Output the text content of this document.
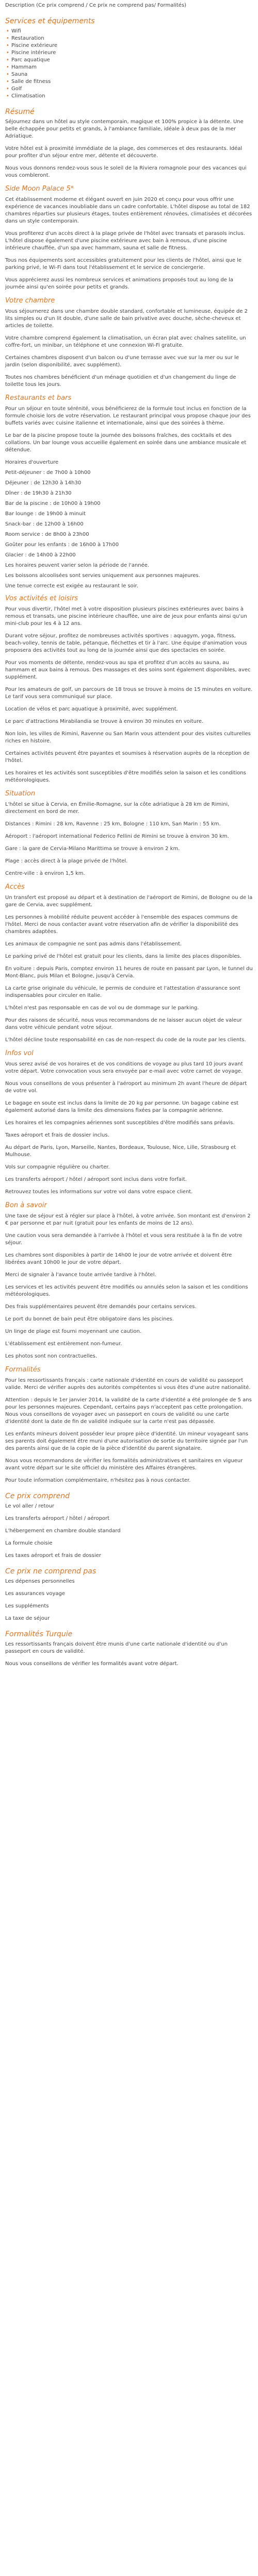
Description (Ce prix comprend / Ce prix ne comprend pas/ Formalités)

Services et équipements
• Wifi
• Restauration
• Piscine extérieure
• Piscine intérieure
• Parc aquatique
• Hammam
• Sauna
• Salle de fitness
• Golf
• Climatisation
Résumé

Séjournez dans un hôtel au style contemporain, magique et 100% propice à la détente. Une belle échappée pour petits et grands, à l'ambiance familiale, idéale à deux pas de la mer Adriatique.

Votre hôtel est à proximité immédiate de la plage, des commerces et des restaurants. Idéal pour profiter d'un séjour entre mer, détente et découverte.

Nous vous donnons rendez-vous sous le soleil de la Riviera romagnole pour des vacances qui vous combleront.

Side Moon Palace 5*

Cet établissement moderne et élégant ouvert en juin 2020 et conçu pour vous offrir une expérience de vacances inoubliable dans un cadre confortable. L'hôtel dispose au total de 182 chambres réparties sur plusieurs étages, toutes entièrement rénovées, climatisées et décorées dans un style contemporain.

Vous profiterez d'un accès direct à la plage privée de l'hôtel avec transats et parasols inclus. L'hôtel dispose également d'une piscine extérieure avec bain à remous, d'une piscine intérieure chauffée, d'un spa avec hammam, sauna et salle de fitness.

Tous nos équipements sont accessibles gratuitement pour les clients de l'hôtel, ainsi que le parking privé, le Wi-Fi dans tout l'établissement et le service de conciergerie.

Vous apprécierez aussi les nombreux services et animations proposés tout au long de la journée ainsi qu'en soirée pour petits et grands.

Votre chambre

Vous séjournerez dans une chambre double standard, confortable et lumineuse, équipée de 2 lits simples ou d'un lit double, d'une salle de bain privative avec douche, sèche-cheveux et articles de toilette.

Votre chambre comprend également la climatisation, un écran plat avec chaînes satellite, un coffre-fort, un minibar, un téléphone et une connexion Wi-Fi gratuite.

Certaines chambres disposent d'un balcon ou d'une terrasse avec vue sur la mer ou sur le jardin (selon disponibilité, avec supplément).

Toutes nos chambres bénéficient d'un ménage quotidien et d'un changement du linge de toilette tous les jours.

Restaurants et bars

Pour un séjour en toute sérénité, vous bénéficierez de la formule tout inclus en fonction de la formule choisie lors de votre réservation. Le restaurant principal vous propose chaque jour des buffets variés avec cuisine italienne et internationale, ainsi que des soirées à thème.

Le bar de la piscine propose toute la journée des boissons fraîches, des cocktails et des collations. Un bar lounge vous accueille également en soirée dans une ambiance musicale et détendue.

Horaires d'ouverture

Petit-déjeuner : de 7h00 à 10h00

Déjeuner : de 12h30 à 14h30

Dîner : de 19h30 à 21h30

Bar de la piscine : de 10h00 à 19h00

Bar lounge : de 19h00 à minuit

Snack-bar : de 12h00 à 16h00

Room service : de 8h00 à 23h00

Goûter pour les enfants : de 16h00 à 17h00

Glacier : de 14h00 à 22h00

Les horaires peuvent varier selon la période de l'année.

Les boissons alcoolisées sont servies uniquement aux personnes majeures.

Une tenue correcte est exigée au restaurant le soir.

Vos activités et loisirs

Pour vous divertir, l'hôtel met à votre disposition plusieurs piscines extérieures avec bains à remous et transats, une piscine intérieure chauffée, une aire de jeux pour enfants ainsi qu'un mini-club pour les 4 à 12 ans.

Durant votre séjour, profitez de nombreuses activités sportives : aquagym, yoga, fitness, beach-volley, tennis de table, pétanque, fléchettes et tir à l'arc. Une équipe d'animation vous proposera des activités tout au long de la journée ainsi que des spectacles en soirée.

Pour vos moments de détente, rendez-vous au spa et profitez d'un accès au sauna, au hammam et aux bains à remous. Des massages et des soins sont également disponibles, avec supplément.

Pour les amateurs de golf, un parcours de 18 trous se trouve à moins de 15 minutes en voiture. Le tarif vous sera communiqué sur place.

Location de vélos et parc aquatique à proximité, avec supplément.

Le parc d'attractions Mirabilandia se trouve à environ 30 minutes en voiture.

Non loin, les villes de Rimini, Ravenne ou San Marin vous attendent pour des visites culturelles riches en histoire.

Certaines activités peuvent être payantes et soumises à réservation auprès de la réception de l'hôtel.

Les horaires et les activités sont susceptibles d'être modifiés selon la saison et les conditions météorologiques.

Situation

L'hôtel se situe à Cervia, en Émilie-Romagne, sur la côte adriatique à 28 km de Rimini, directement en bord de mer.

Distances : Rimini : 28 km, Ravenne : 25 km, Bologne : 110 km, San Marin : 55 km.

Aéroport : l'aéroport international Federico Fellini de Rimini se trouve à environ 30 km.

Gare : la gare de Cervia-Milano Marittima se trouve à environ 2 km.

Plage : accès direct à la plage privée de l'hôtel.

Centre-ville : à environ 1,5 km.

Accès

Un transfert est proposé au départ et à destination de l'aéroport de Rimini, de Bologne ou de la gare de Cervia, avec supplément.

Les personnes à mobilité réduite peuvent accéder à l'ensemble des espaces communs de l'hôtel. Merci de nous contacter avant votre réservation afin de vérifier la disponibilité des chambres adaptées.

Les animaux de compagnie ne sont pas admis dans l'établissement.

Le parking privé de l'hôtel est gratuit pour les clients, dans la limite des places disponibles.

En voiture : depuis Paris, comptez environ 11 heures de route en passant par Lyon, le tunnel du Mont-Blanc, puis Milan et Bologne, jusqu'à Cervia.

La carte grise originale du véhicule, le permis de conduire et l'attestation d'assurance sont indispensables pour circuler en Italie.

L'hôtel n'est pas responsable en cas de vol ou de dommage sur le parking.

Pour des raisons de sécurité, nous vous recommandons de ne laisser aucun objet de valeur dans votre véhicule pendant votre séjour.

L'hôtel décline toute responsabilité en cas de non-respect du code de la route par les clients.

Infos vol

Vous serez avisé de vos horaires et de vos conditions de voyage au plus tard 10 jours avant votre départ. Votre convocation vous sera envoyée par e-mail avec votre carnet de voyage.

Nous vous conseillons de vous présenter à l'aéroport au minimum 2h avant l'heure de départ de votre vol.

Le bagage en soute est inclus dans la limite de 20 kg par personne. Un bagage cabine est également autorisé dans la limite des dimensions fixées par la compagnie aérienne.

Les horaires et les compagnies aériennes sont susceptibles d'être modifiés sans préavis.

Taxes aéroport et frais de dossier inclus.

Au départ de Paris, Lyon, Marseille, Nantes, Bordeaux, Toulouse, Nice, Lille, Strasbourg et Mulhouse.

Vols sur compagnie régulière ou charter.

Les transferts aéroport / hôtel / aéroport sont inclus dans votre forfait.

Retrouvez toutes les informations sur votre vol dans votre espace client.

Bon à savoir

Une taxe de séjour est à régler sur place à l'hôtel, à votre arrivée. Son montant est d'environ 2 € par personne et par nuit (gratuit pour les enfants de moins de 12 ans).

Une caution vous sera demandée à l'arrivée à l'hôtel et vous sera restituée à la fin de votre séjour.

Les chambres sont disponibles à partir de 14h00 le jour de votre arrivée et doivent être libérées avant 10h00 le jour de votre départ.

Merci de signaler à l'avance toute arrivée tardive à l'hôtel.

Les services et les activités peuvent être modifiés ou annulés selon la saison et les conditions météorologiques.

Des frais supplémentaires peuvent être demandés pour certains services.

Le port du bonnet de bain peut être obligatoire dans les piscines.

Un linge de plage est fourni moyennant une caution.

L'établissement est entièrement non-fumeur.

Les photos sont non contractuelles.

Formalités

Pour les ressortissants français : carte nationale d'identité en cours de validité ou passeport valide. Merci de vérifier auprès des autorités compétentes si vous êtes d'une autre nationalité.

Attention : depuis le 1er janvier 2014, la validité de la carte d'identité a été prolongée de 5 ans pour les personnes majeures. Cependant, certains pays n'acceptent pas cette prolongation. Nous vous conseillons de voyager avec un passeport en cours de validité ou une carte d'identité dont la date de fin de validité indiquée sur la carte n'est pas dépassée.

Les enfants mineurs doivent posséder leur propre pièce d'identité. Un mineur voyageant sans ses parents doit également être muni d'une autorisation de sortie du territoire signée par l'un des parents ainsi que de la copie de la pièce d'identité du parent signataire.

Nous vous recommandons de vérifier les formalités administratives et sanitaires en vigueur avant votre départ sur le site officiel du ministère des Affaires étrangères.

Pour toute information complémentaire, n'hésitez pas à nous contacter.

Ce prix comprend

Le vol aller / retour

Les transferts aéroport / hôtel / aéroport

L'hébergement en chambre double standard

La formule choisie

Les taxes aéroport et frais de dossier

Ce prix ne comprend pas

Les dépenses personnelles

Les assurances voyage

Les suppléments

La taxe de séjour

Formalités Turquie

Les ressortissants français doivent être munis d'une carte nationale d'identité ou d'un passeport en cours de validité.

Nous vous conseillons de vérifier les formalités avant votre départ.
